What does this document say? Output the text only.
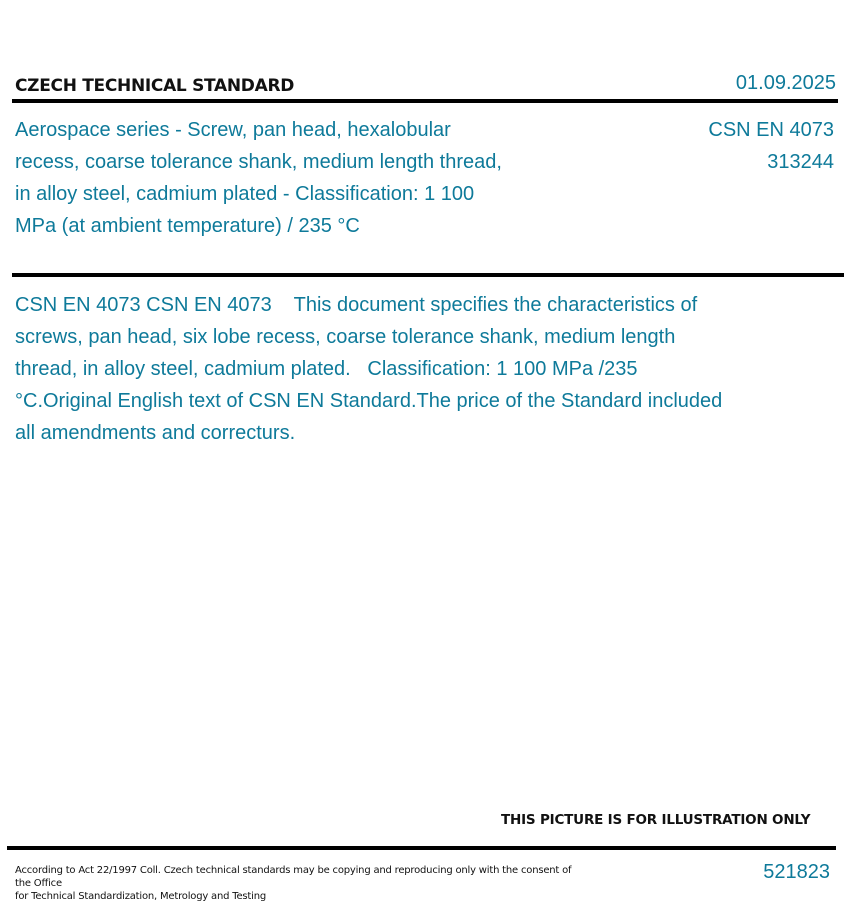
CZECH TECHNICAL STANDARD	01.09.2025
Aerospace series - Screw, pan head, hexalobular recess, coarse tolerance shank, medium length thread, in alloy steel, cadmium plated - Classification: 1 100 MPa (at ambient temperature) / 235 °C
CSN EN 4073
313244
CSN EN 4073 CSN EN 4073    This document specifies the characteristics of screws, pan head, six lobe recess, coarse tolerance shank, medium length thread, in alloy steel, cadmium plated.   Classification: 1 100 MPa /235 °C.Original English text of CSN EN Standard.The price of the Standard included all amendments and correcturs.
THIS PICTURE IS FOR ILLUSTRATION ONLY
According to Act 22/1997 Coll. Czech technical standards may be copying and reproducing only with the consent of the Office
for Technical Standardization, Metrology and Testing
521823
